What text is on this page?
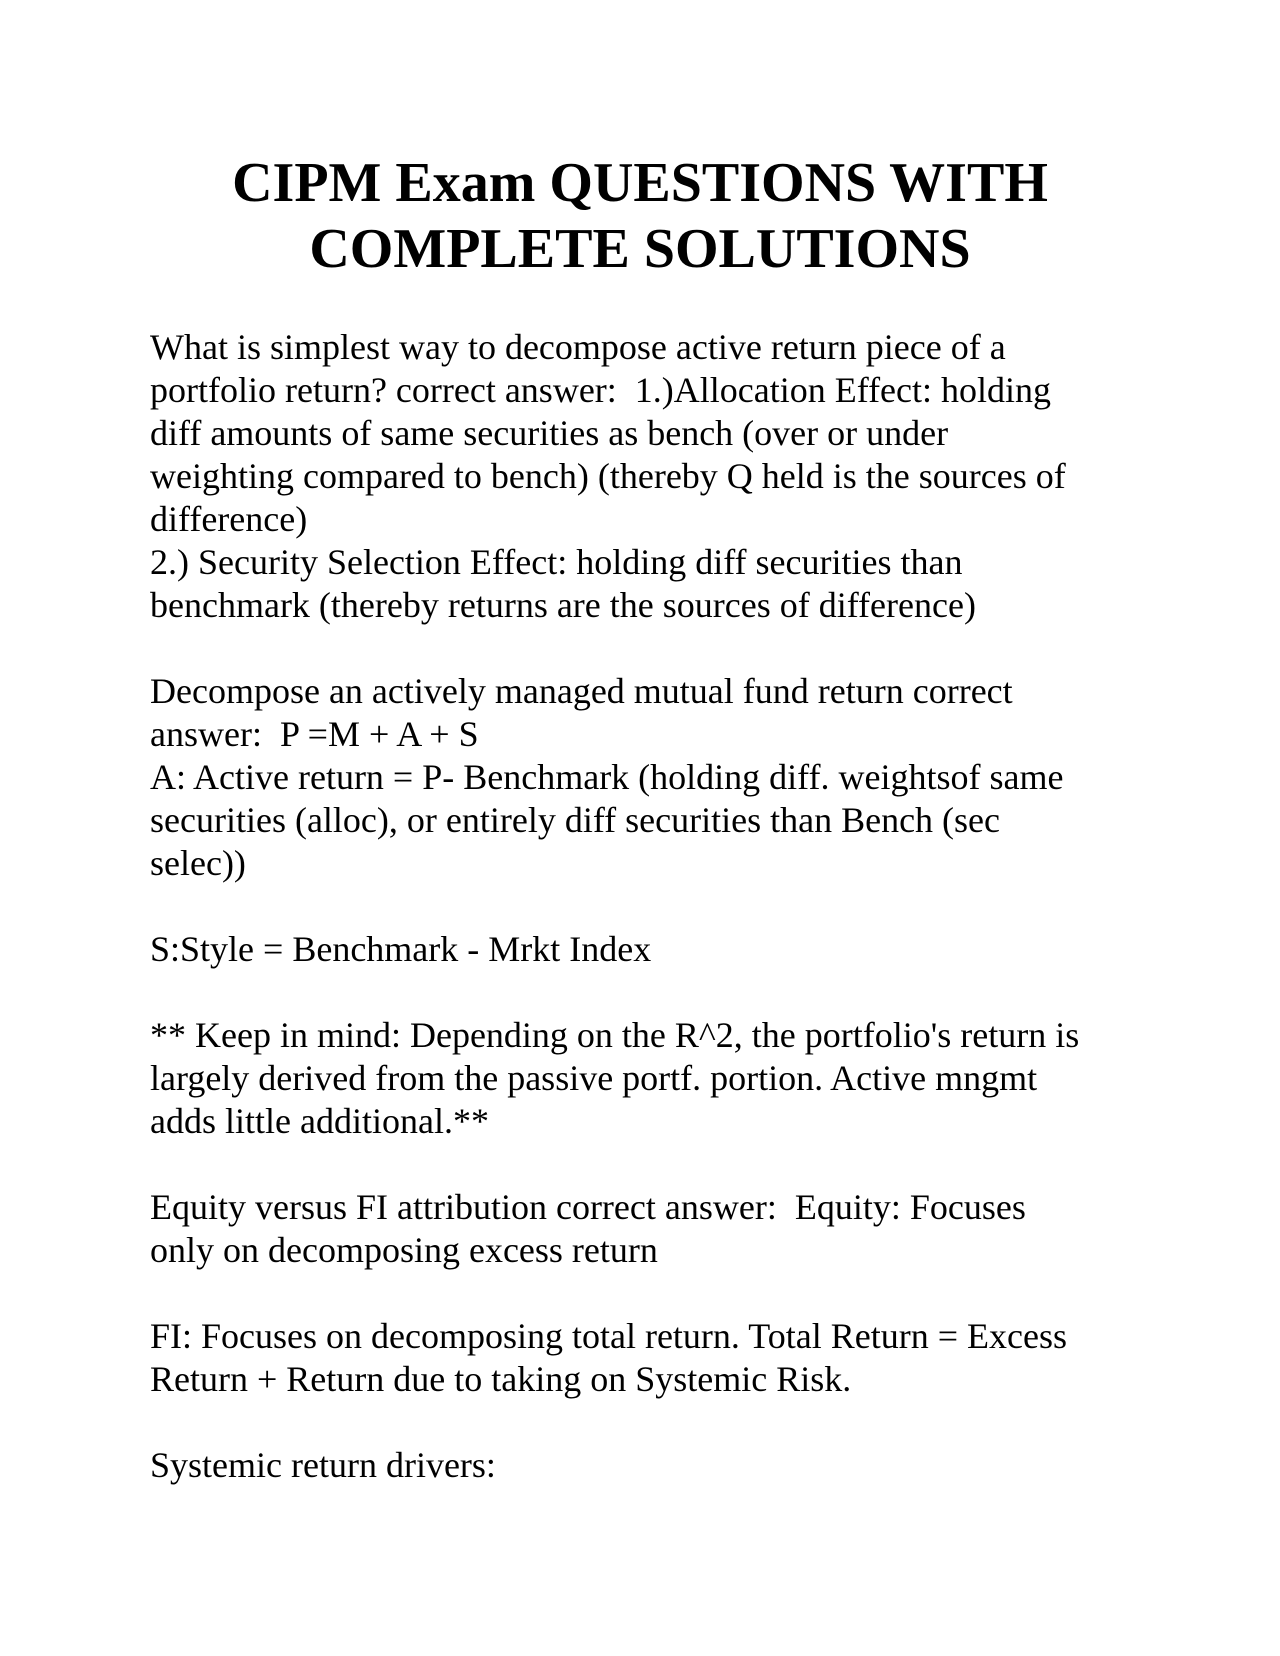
CIPM Exam QUESTIONS WITH
COMPLETE SOLUTIONS
What is simplest way to decompose active return piece of a
portfolio return? correct answer:  1.)Allocation Effect: holding
diff amounts of same securities as bench (over or under
weighting compared to bench) (thereby Q held is the sources of
difference)
2.) Security Selection Effect: holding diff securities than
benchmark (thereby returns are the sources of difference)
Decompose an actively managed mutual fund return correct
answer:  P =M + A + S
A: Active return = P- Benchmark (holding diff. weightsof same
securities (alloc), or entirely diff securities than Bench (sec
selec))
S:Style = Benchmark - Mrkt Index
** Keep in mind: Depending on the R^2, the portfolio's return is
largely derived from the passive portf. portion. Active mngmt
adds little additional.**
Equity versus FI attribution correct answer:  Equity: Focuses
only on decomposing excess return
FI: Focuses on decomposing total return. Total Return = Excess
Return + Return due to taking on Systemic Risk.
Systemic return drivers:
